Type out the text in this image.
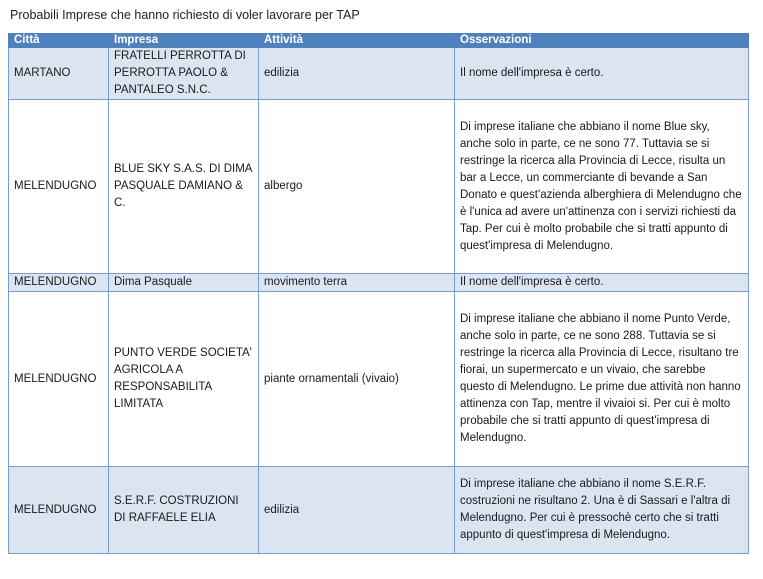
Probabili Imprese che hanno richiesto di voler lavorare per TAP
Città	Impresa	Attività	Osservazioni
MARTANO	FRATELLI PERROTTA DI PERROTTA PAOLO & PANTALEO S.N.C.	edilizia	Il nome dell'impresa è certo.
MELENDUGNO	BLUE SKY S.A.S. DI DIMA PASQUALE DAMIANO & C.	albergo	Di imprese italiane che abbiano il nome Blue sky, anche solo in parte, ce ne sono 77. Tuttavia se si restringe la ricerca alla Provincia di Lecce, risulta un bar a Lecce, un commerciante di bevande a San Donato e quest'azienda alberghiera di Melendugno che è l'unica ad avere un'attinenza con i servizi richiesti da Tap. Per cui è molto probabile che si tratti appunto di quest'impresa di Melendugno.
MELENDUGNO	Dima Pasquale	movimento terra	Il nome dell'impresa è certo.
MELENDUGNO	PUNTO VERDE SOCIETA' AGRICOLA A RESPONSABILITA LIMITATA	piante ornamentali (vivaio)	Di imprese italiane che abbiano il nome Punto Verde, anche solo in parte, ce ne sono 288. Tuttavia se si restringe la ricerca alla Provincia di Lecce, risultano tre fiorai, un supermercato e un vivaio, che sarebbe questo di Melendugno. Le prime due attività non hanno attinenza con Tap, mentre il vivaioi si. Per cui è molto probabile che si tratti appunto di quest'impresa di Melendugno.
MELENDUGNO	S.E.R.F. COSTRUZIONI DI RAFFAELE ELIA	edilizia	Di imprese italiane che abbiano il nome S.E.R.F. costruzioni ne risultano 2. Una è di Sassari e l'altra di Melendugno. Per cui è pressochè certo che si tratti appunto di quest'impresa di Melendugno.
